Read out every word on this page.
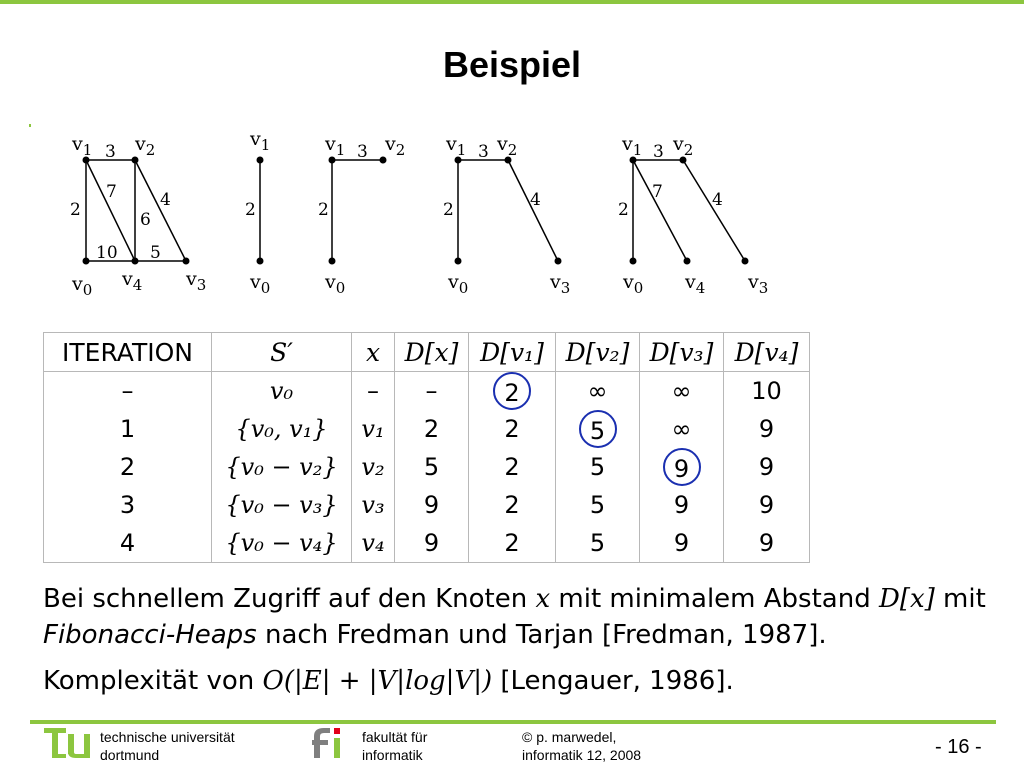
Beispiel
$v_1$ $v_2$
$v_0$ $v_4$ $v_3$
3
2
7
6
4
10 5
$v_1$
$v_0$
2
$v_1$ $v_2$
$v_0$
3
2
$v_1$ $v_2$
$v_0$	$v_3$
3
2	4
$v_1$ $v_2$
$v_0$ $v_4$ $v_3$
3
2
7	4
ITERATION	S′	x	D[x]	D[v₁]	D[v₂]	D[v₃]	D[v₄]
–	v₀	–	–	2	∞	∞	10
1	{v₀, v₁}	v₁	2	2	5	∞	9
2	{v₀ − v₂}	v₂	5	2	5	9	9
3	{v₀ − v₃}	v₃	9	2	5	9	9
4	{v₀ − v₄}	v₄	9	2	5	9	9
Bei schnellem Zugriff auf den Knoten x mit minimalem Abstand D[x] mit
Fibonacci-Heaps nach Fredman und Tarjan [Fredman, 1987].
Komplexität von O(|E| + |V|log|V|) [Lengauer, 1986].
technische universität
dortmund
fakultät für
informatik
© p. marwedel,
informatik 12, 2008	- 16 -
